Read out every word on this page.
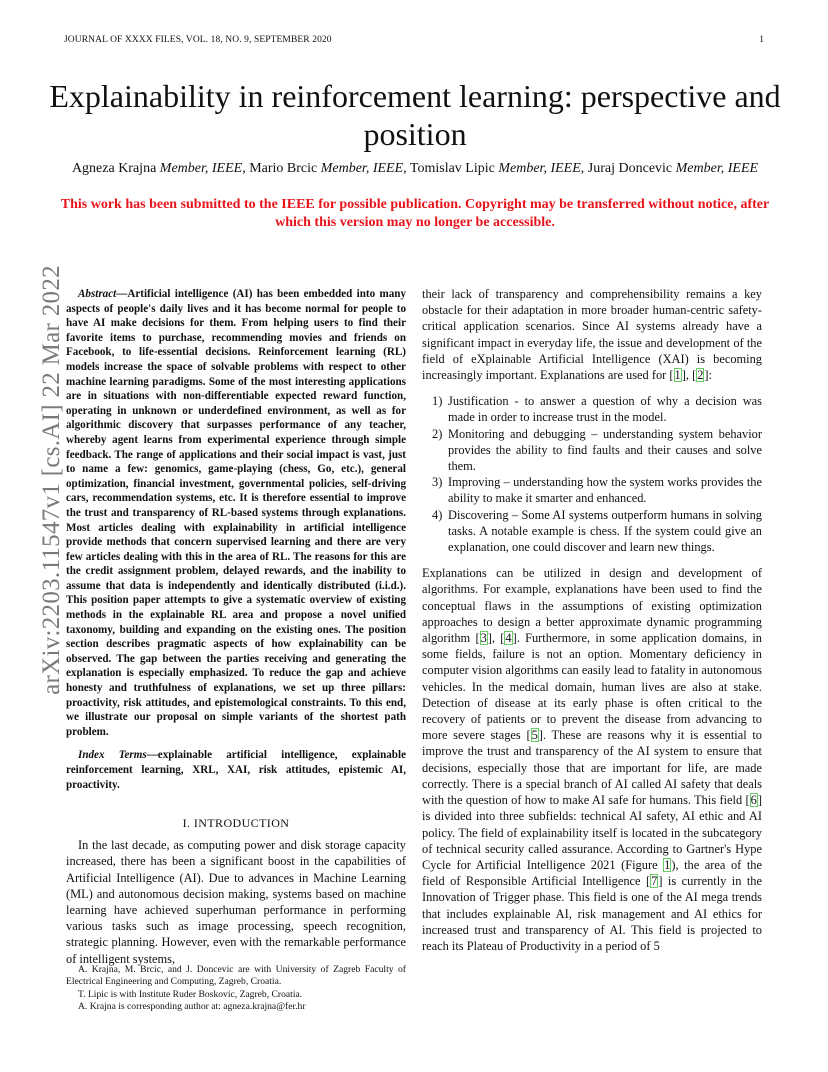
JOURNAL OF XXXX FILES, VOL. 18, NO. 9, SEPTEMBER 2020	1
Explainability in reinforcement learning: perspective and position
Agneza Krajna Member, IEEE, Mario Brcic Member, IEEE, Tomislav Lipic Member, IEEE, Juraj Doncevic Member, IEEE
This work has been submitted to the IEEE for possible publication. Copyright may be transferred without notice, after which this version may no longer be accessible.
arXiv:2203.11547v1 [cs.AI] 22 Mar 2022	Abstract—Artificial intelligence (AI) has been embedded into many aspects of people's daily lives and it has become normal for people to have AI make decisions for them. From helping users to find their favorite items to purchase, recommending movies and friends on Facebook, to life-essential decisions. Reinforcement learning (RL) models increase the space of solvable problems with respect to other machine learning paradigms. Some of the most interesting applications are in situations with non-differentiable expected reward function, operating in unknown or underdefined environment, as well as for algorithmic discovery that surpasses performance of any teacher, whereby agent learns from experimental experience through simple feedback. The range of applications and their social impact is vast, just to name a few: genomics, game-playing (chess, Go, etc.), general optimization, financial investment, governmental policies, self-driving cars, recommendation systems, etc. It is therefore essential to improve the trust and transparency of RL-based systems through explanations. Most articles dealing with explainability in artificial intelligence provide methods that concern supervised learning and there are very few articles dealing with this in the area of RL. The reasons for this are the credit assignment problem, delayed rewards, and the inability to assume that data is independently and identically distributed (i.i.d.). This position paper attempts to give a systematic overview of existing methods in the explainable RL area and propose a novel unified taxonomy, building and expanding on the existing ones. The position section describes pragmatic aspects of how explainability can be observed. The gap between the parties receiving and generating the explanation is especially emphasized. To reduce the gap and achieve honesty and truthfulness of explanations, we set up three pillars: proactivity, risk attitudes, and epistemological constraints. To this end, we illustrate our proposal on simple variants of the shortest path problem.

Index Terms—explainable artificial intelligence, explainable reinforcement learning, XRL, XAI, risk attitudes, epistemic AI, proactivity.

I. INTRODUCTION

In the last decade, as computing power and disk storage capacity increased, there has been a significant boost in the capabilities of Artificial Intelligence (AI). Due to advances in Machine Learning (ML) and autonomous decision making, systems based on machine learning have achieved superhuman performance in performing various tasks such as image processing, speech recognition, strategic planning. However, even with the remarkable performance of intelligent systems,

A. Krajna, M. Brcic, and J. Doncevic are with University of Zagreb Faculty of Electrical Engineering and Computing, Zagreb, Croatia.

T. Lipic is with Institute Ruder Boskovic, Zagreb, Croatia.

A. Krajna is corresponding author at: agneza.krajna@fer.hr

their lack of transparency and comprehensibility remains a key obstacle for their adaptation in more broader human-centric safety-critical application scenarios. Since AI systems already have a significant impact in everyday life, the issue and development of the field of eXplainable Artificial Intelligence (XAI) is becoming increasingly important. Explanations are used for [1], [2]:

1) Justification - to answer a question of why a decision was made in order to increase trust in the model.
2) Monitoring and debugging – understanding system behavior provides the ability to find faults and their causes and solve them.
3) Improving – understanding how the system works provides the ability to make it smarter and enhanced.
4) Discovering – Some AI systems outperform humans in solving tasks. A notable example is chess. If the system could give an explanation, one could discover and learn new things.

Explanations can be utilized in design and development of algorithms. For example, explanations have been used to find the conceptual flaws in the assumptions of existing optimization approaches to design a better approximate dynamic programming algorithm [3], [4]. Furthermore, in some application domains, in some fields, failure is not an option. Momentary deficiency in computer vision algorithms can easily lead to fatality in autonomous vehicles. In the medical domain, human lives are also at stake. Detection of disease at its early phase is often critical to the recovery of patients or to prevent the disease from advancing to more severe stages [5]. These are reasons why it is essential to improve the trust and transparency of the AI system to ensure that decisions, especially those that are important for life, are made correctly. There is a special branch of AI called AI safety that deals with the question of how to make AI safe for humans. This field [6] is divided into three subfields: technical AI safety, AI ethic and AI policy. The field of explainability itself is located in the subcategory of technical security called assurance. According to Gartner's Hype Cycle for Artificial Intelligence 2021 (Figure 1), the area of the field of Responsible Artificial Intelligence [7] is currently in the Innovation of Trigger phase. This field is one of the AI mega trends that includes explainable AI, risk management and AI ethics for increased trust and transparency of AI. This field is projected to reach its Plateau of Productivity in a period of 5
